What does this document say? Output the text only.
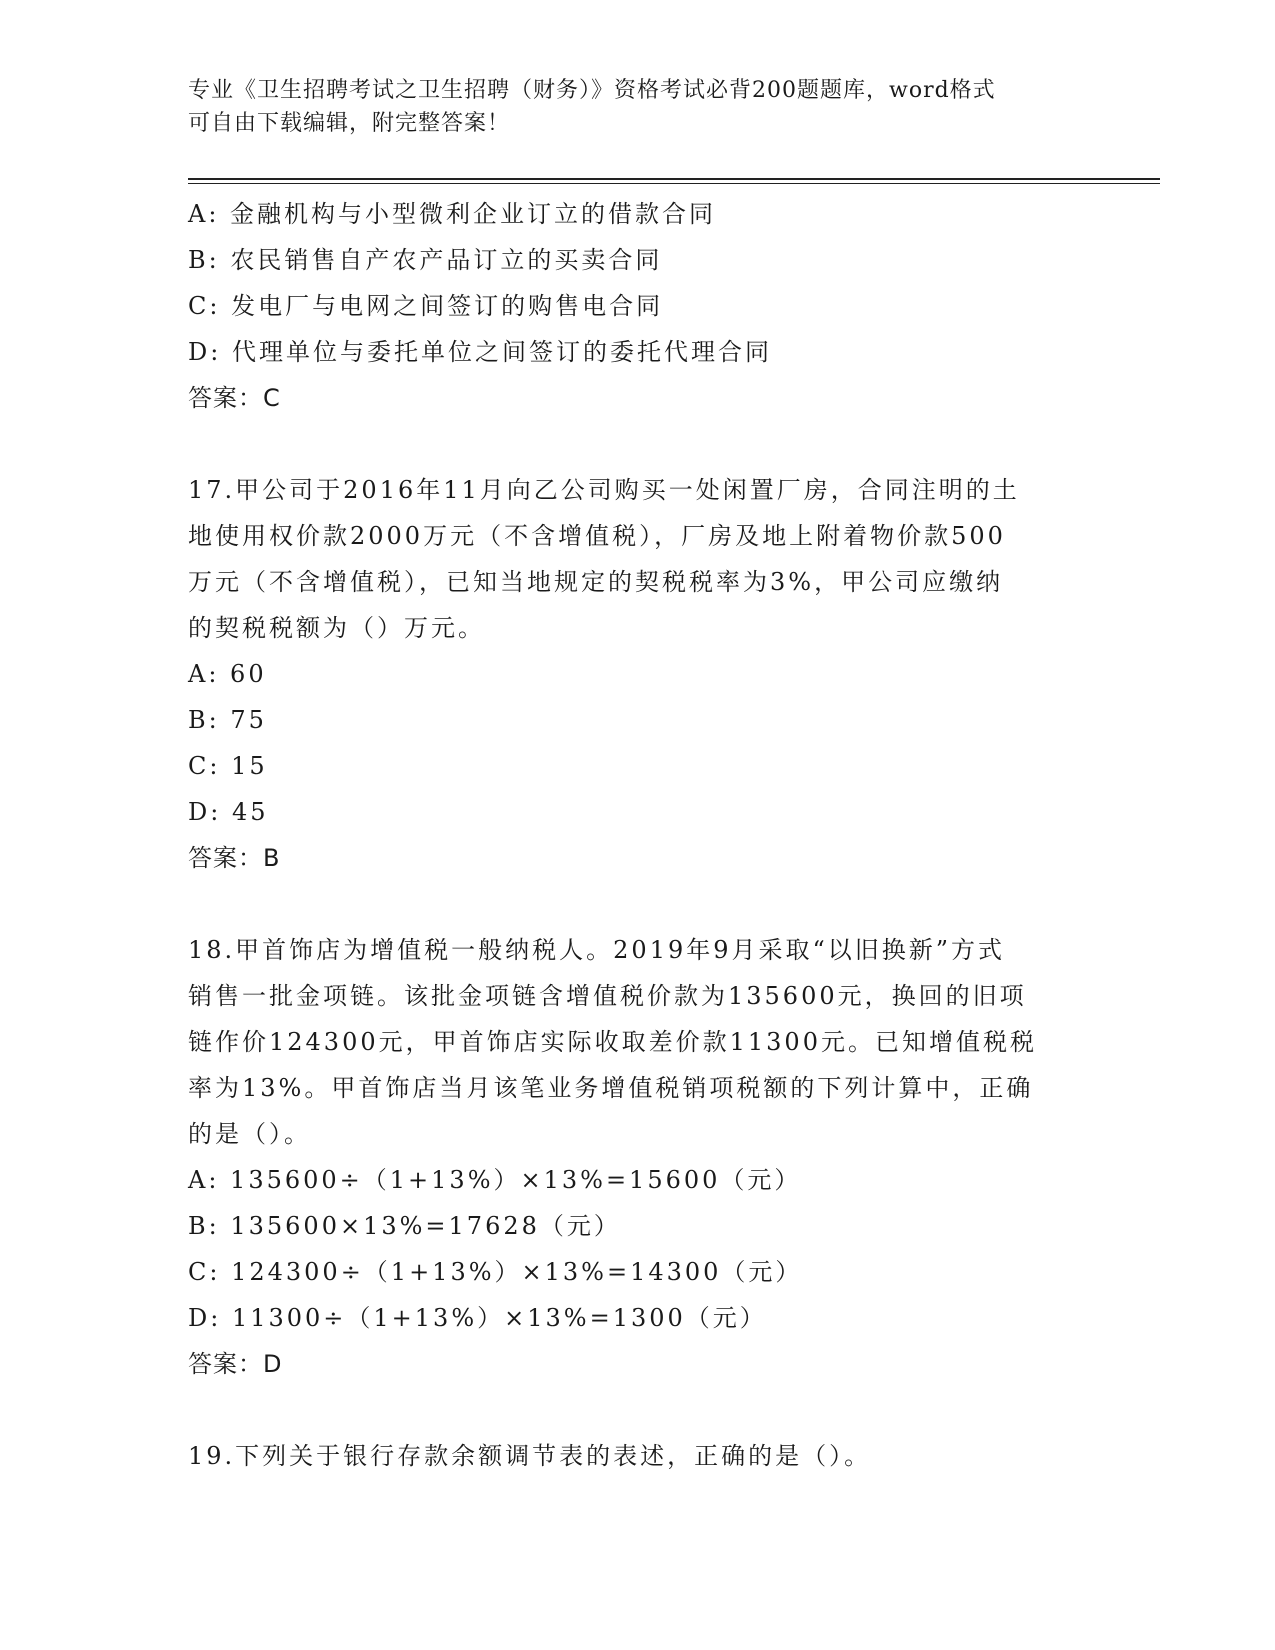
专业《卫生招聘考试之卫生招聘（财务）》资格考试必背200题题库，word格式
可自由下载编辑，附完整答案！
A: 金融机构与小型微利企业订立的借款合同
B: 农民销售自产农产品订立的买卖合同
C: 发电厂与电网之间签订的购售电合同
D: 代理单位与委托单位之间签订的委托代理合同
答案：C
17.甲公司于2016年11月向乙公司购买一处闲置厂房，合同注明的土
地使用权价款2000万元（不含增值税），厂房及地上附着物价款500
万元（不含增值税），已知当地规定的契税税率为3%，甲公司应缴纳
的契税税额为（）万元。
A: 60
B: 75
C: 15
D: 45
答案：B
18.甲首饰店为增值税一般纳税人。2019年9月采取“以旧换新”方式
销售一批金项链。该批金项链含增值税价款为135600元，换回的旧项
链作价124300元，甲首饰店实际收取差价款11300元。已知增值税税
率为13%。甲首饰店当月该笔业务增值税销项税额的下列计算中，正确
的是（）。
A: 135600÷（1+13%）×13%=15600（元）
B: 135600×13%=17628（元）
C: 124300÷（1+13%）×13%=14300（元）
D: 11300÷（1+13%）×13%=1300（元）
答案：D
19.下列关于银行存款余额调节表的表述，正确的是（）。
